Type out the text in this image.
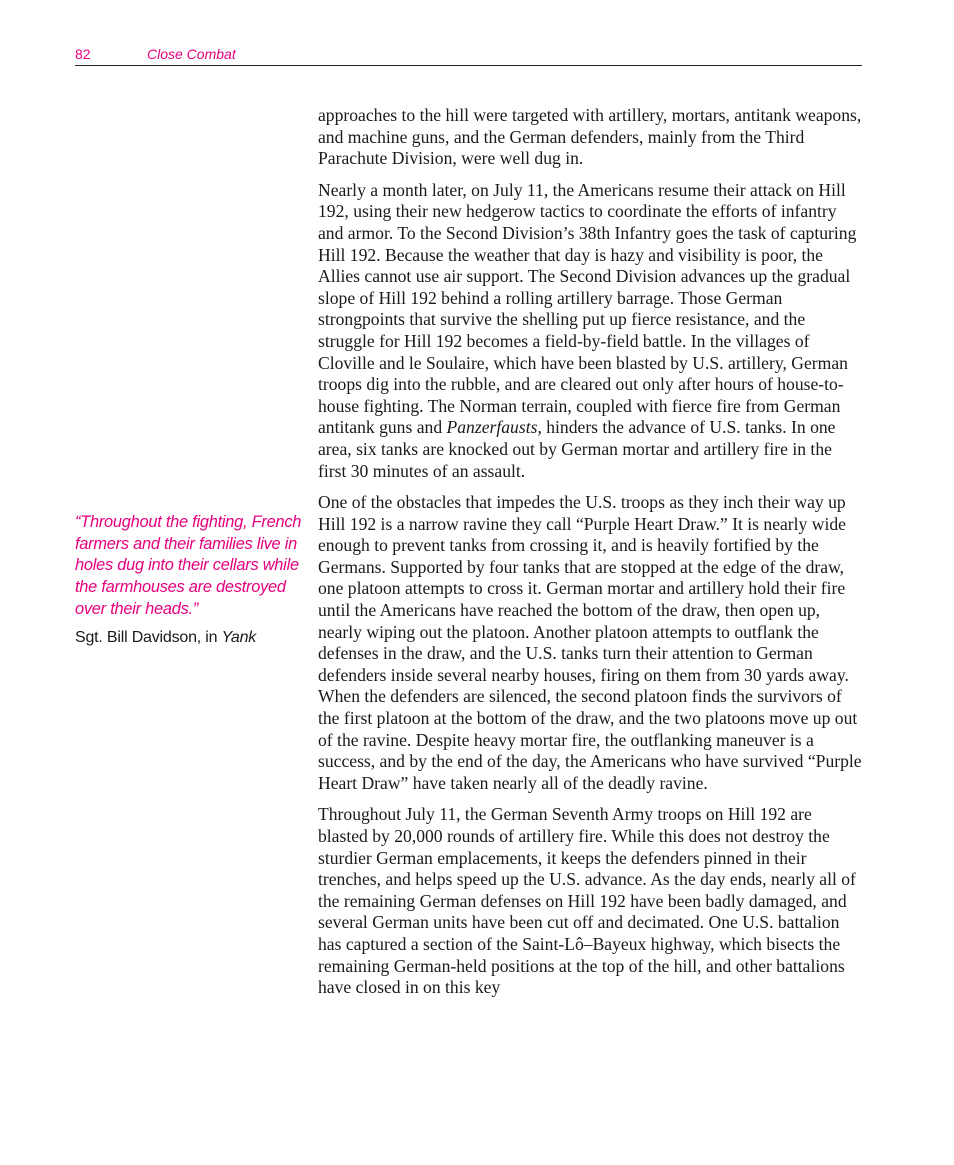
82	Close Combat

“Throughout the fighting, French farmers and their families live in holes dug into their cellars while the farmhouses are destroyed over their heads.”

Sgt. Bill Davidson, in Yank

approaches to the hill were targeted with artillery, mortars, antitank weapons, and machine guns, and the German defenders, mainly from the Third Parachute Division, were well dug in.

Nearly a month later, on July 11, the Americans resume their attack on Hill 192, using their new hedgerow tactics to coordinate the efforts of infantry and armor. To the Second Division’s 38th Infantry goes the task of capturing Hill 192. Because the weather that day is hazy and visibility is poor, the Allies cannot use air support. The Second Division advances up the gradual slope of Hill 192 behind a rolling artillery barrage. Those German strongpoints that survive the shelling put up fierce resistance, and the struggle for Hill 192 becomes a field-by-field battle. In the villages of Cloville and le Soulaire, which have been blasted by U.S. artillery, German troops dig into the rubble, and are cleared out only after hours of house-to-house fighting. The Norman terrain, coupled with fierce fire from German antitank guns and Panzerfausts, hinders the advance of U.S. tanks. In one area, six tanks are knocked out by German mortar and artillery fire in the first 30 minutes of an assault.

One of the obstacles that impedes the U.S. troops as they inch their way up Hill 192 is a narrow ravine they call “Purple Heart Draw.” It is nearly wide enough to prevent tanks from crossing it, and is heavily fortified by the Germans. Supported by four tanks that are stopped at the edge of the draw, one platoon attempts to cross it. German mortar and artillery hold their fire until the Americans have reached the bottom of the draw, then open up, nearly wiping out the platoon. Another platoon attempts to outflank the defenses in the draw, and the U.S. tanks turn their attention to German defenders inside several nearby houses, firing on them from 30 yards away. When the defenders are silenced, the second platoon finds the survivors of the first platoon at the bottom of the draw, and the two platoons move up out of the ravine. Despite heavy mortar fire, the outflanking maneuver is a success, and by the end of the day, the Americans who have survived “Purple Heart Draw” have taken nearly all of the deadly ravine.

Throughout July 11, the German Seventh Army troops on Hill 192 are blasted by 20,000 rounds of artillery fire. While this does not destroy the sturdier German emplacements, it keeps the defenders pinned in their trenches, and helps speed up the U.S. advance. As the day ends, nearly all of the remaining German defenses on Hill 192 have been badly damaged, and several German units have been cut off and decimated. One U.S. battalion has captured a section of the Saint-Lô–Bayeux highway, which bisects the remaining German-held positions at the top of the hill, and other battalions have closed in on this key
